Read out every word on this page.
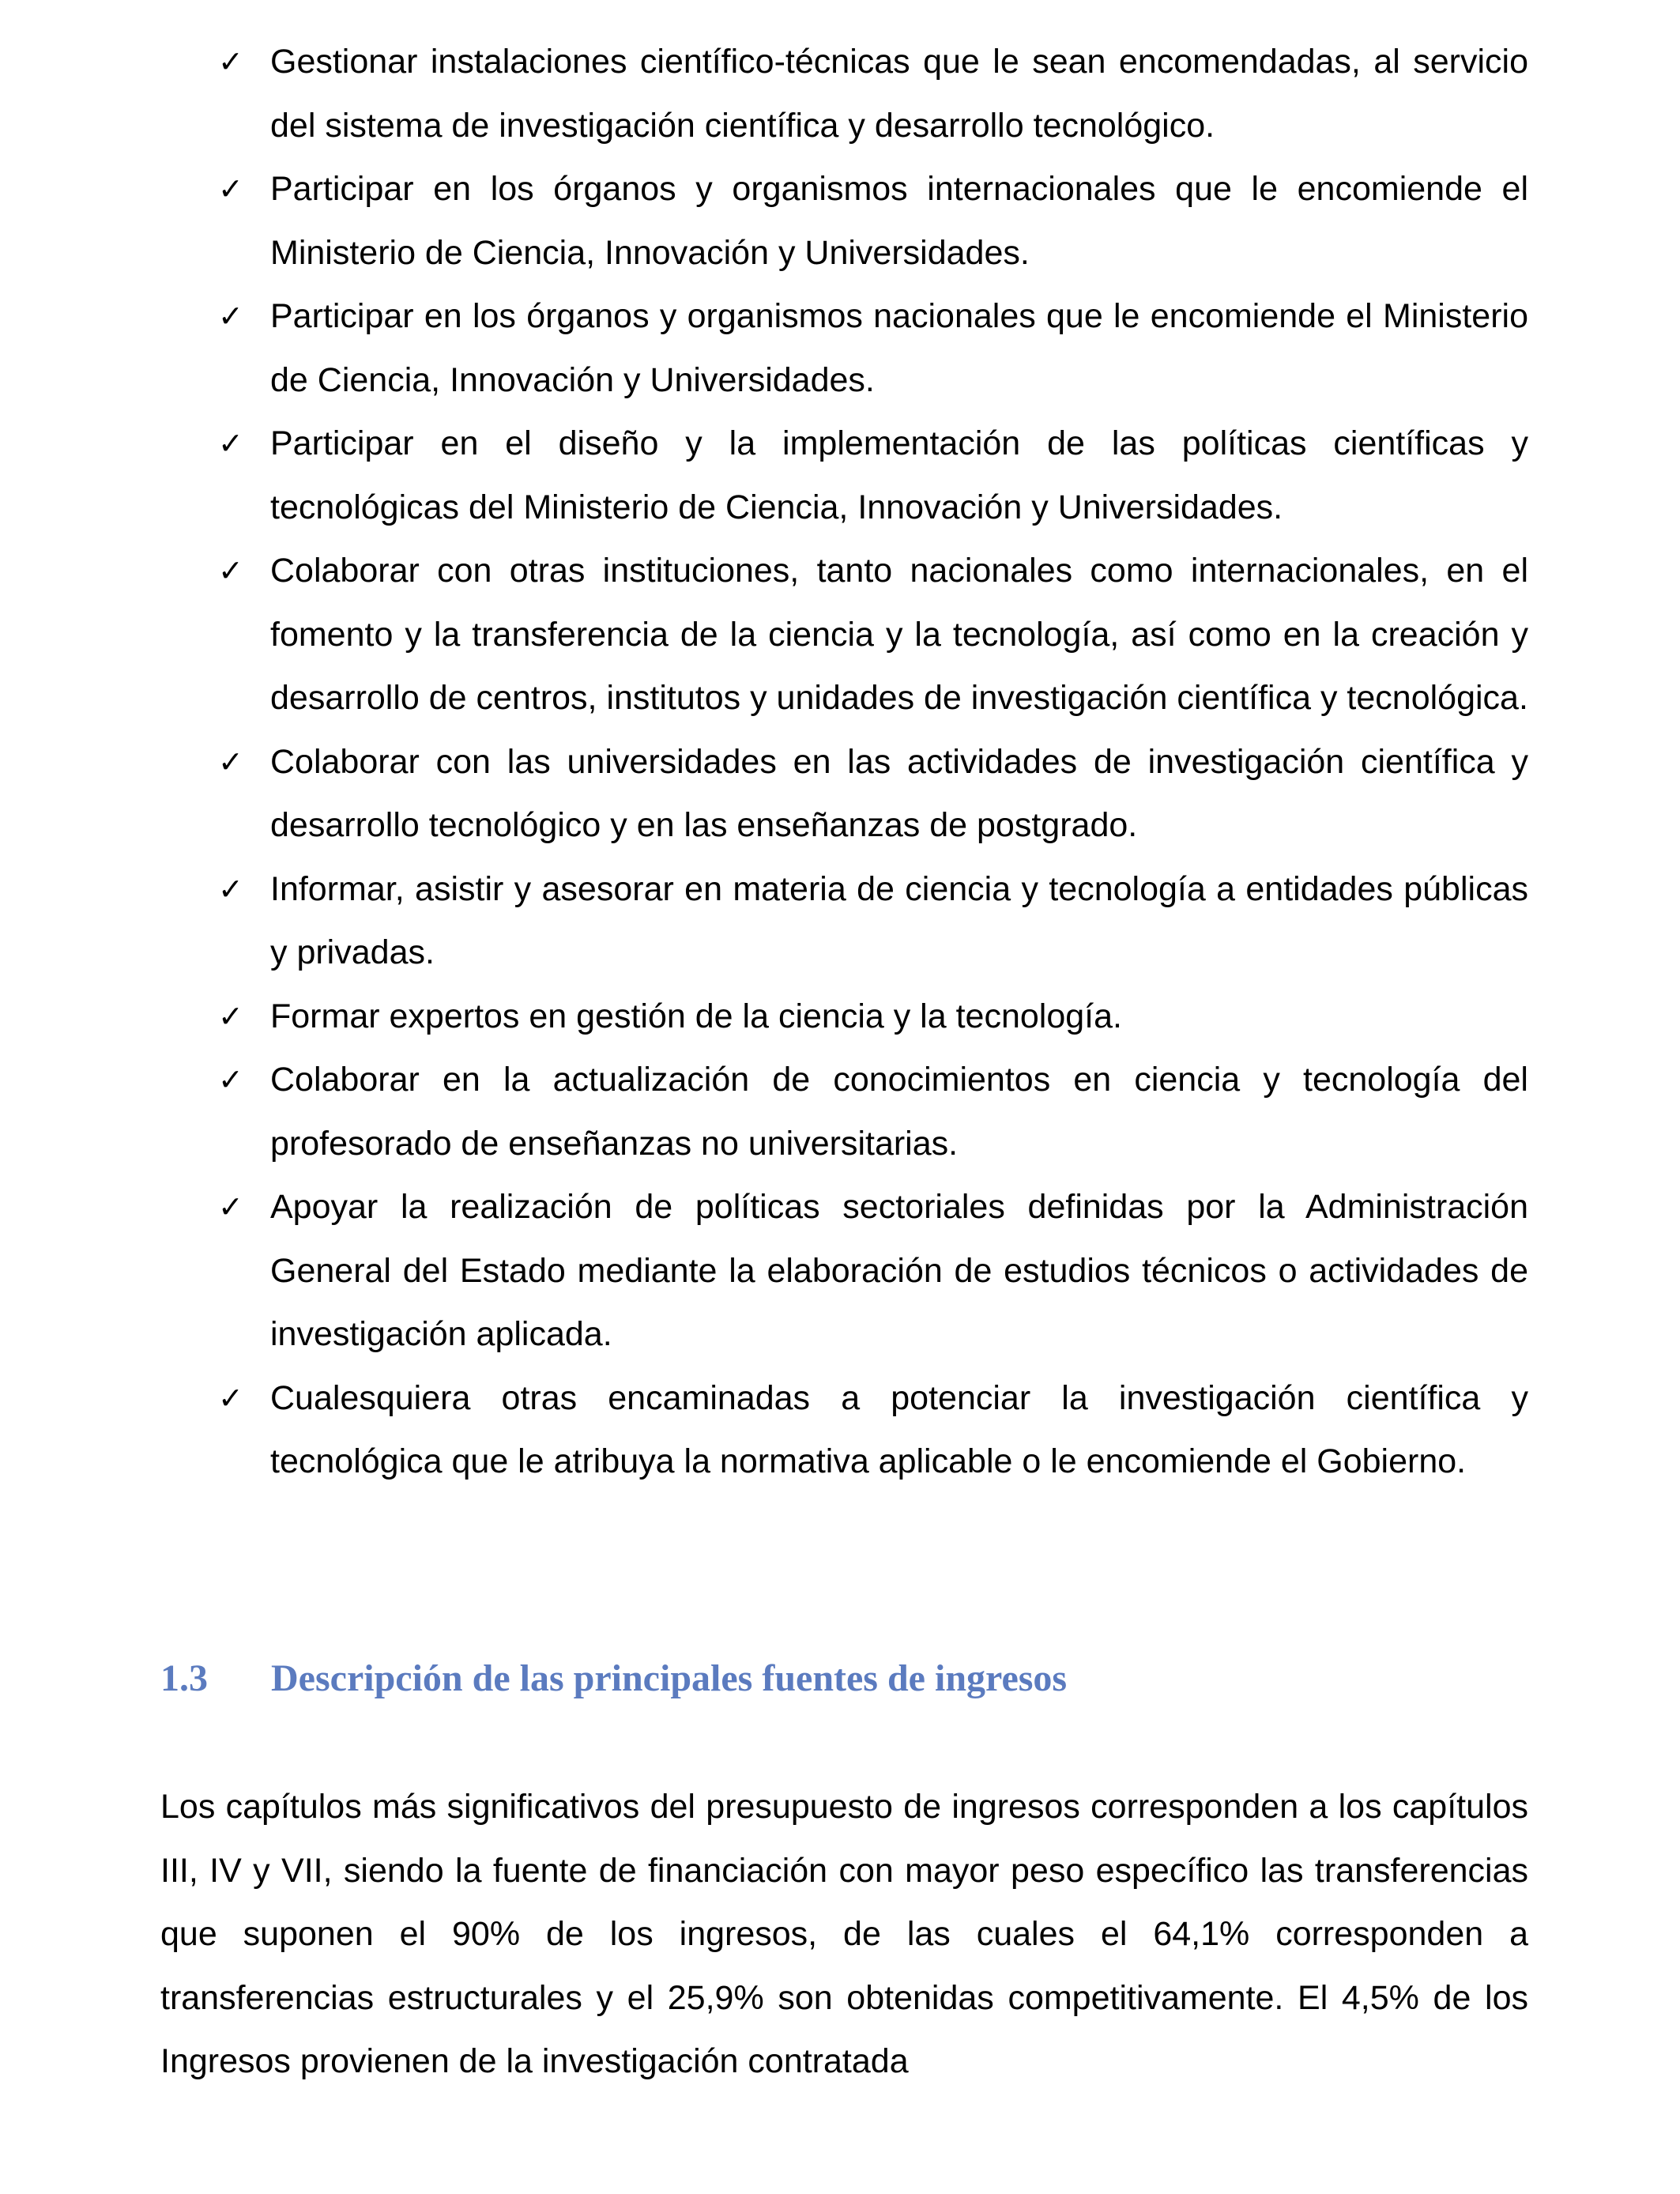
✓ Gestionar instalaciones científico-técnicas que le sean encomendadas, al servicio del sistema de investigación científica y desarrollo tecnológico.
✓ Participar en los órganos y organismos internacionales que le encomiende el Ministerio de Ciencia, Innovación y Universidades.
✓ Participar en los órganos y organismos nacionales que le encomiende el Ministerio de Ciencia, Innovación y Universidades.
✓ Participar en el diseño y la implementación de las políticas científicas y tecnológicas del Ministerio de Ciencia, Innovación y Universidades.
✓ Colaborar con otras instituciones, tanto nacionales como internacionales, en el fomento y la transferencia de la ciencia y la tecnología, así como en la creación y desarrollo de centros, institutos y unidades de investigación científica y tecnológica.
✓ Colaborar con las universidades en las actividades de investigación científica y desarrollo tecnológico y en las enseñanzas de postgrado.
✓ Informar, asistir y asesorar en materia de ciencia y tecnología a entidades públicas y privadas.
✓ Formar expertos en gestión de la ciencia y la tecnología.
✓ Colaborar en la actualización de conocimientos en ciencia y tecnología del profesorado de enseñanzas no universitarias.
✓ Apoyar la realización de políticas sectoriales definidas por la Administración General del Estado mediante la elaboración de estudios técnicos o actividades de investigación aplicada.
✓ Cualesquiera otras encaminadas a potenciar la investigación científica y tecnológica que le atribuya la normativa aplicable o le encomiende el Gobierno.
1.3 Descripción de las principales fuentes de ingresos

Los capítulos más significativos del presupuesto de ingresos corresponden a los capítulos III, IV y VII, siendo la fuente de financiación con mayor peso específico las transferencias que suponen el 90% de los ingresos, de las cuales el 64,1% corresponden a transferencias estructurales y el 25,9% son obtenidas competitivamente. El 4,5% de los Ingresos provienen de la investigación contratada
